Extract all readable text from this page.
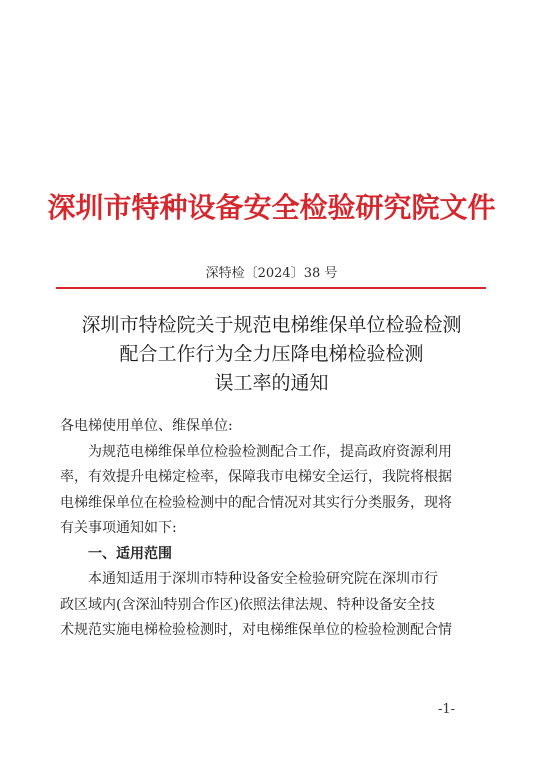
深圳市特种设备安全检验研究院文件
深特检〔2024〕38 号
深圳市特检院关于规范电梯维保单位检验检测
配合工作行为全力压降电梯检验检测
误工率的通知
各电梯使用单位、维保单位:
为规范电梯维保单位检验检测配合工作，提高政府资源利用
率，有效提升电梯定检率，保障我市电梯安全运行，我院将根据
电梯维保单位在检验检测中的配合情况对其实行分类服务，现将
有关事项通知如下:
一、适用范围
本通知适用于深圳市特种设备安全检验研究院在深圳市行
政区域内(含深汕特别合作区)依照法律法规、特种设备安全技
术规范实施电梯检验检测时，对电梯维保单位的检验检测配合情
-1-
